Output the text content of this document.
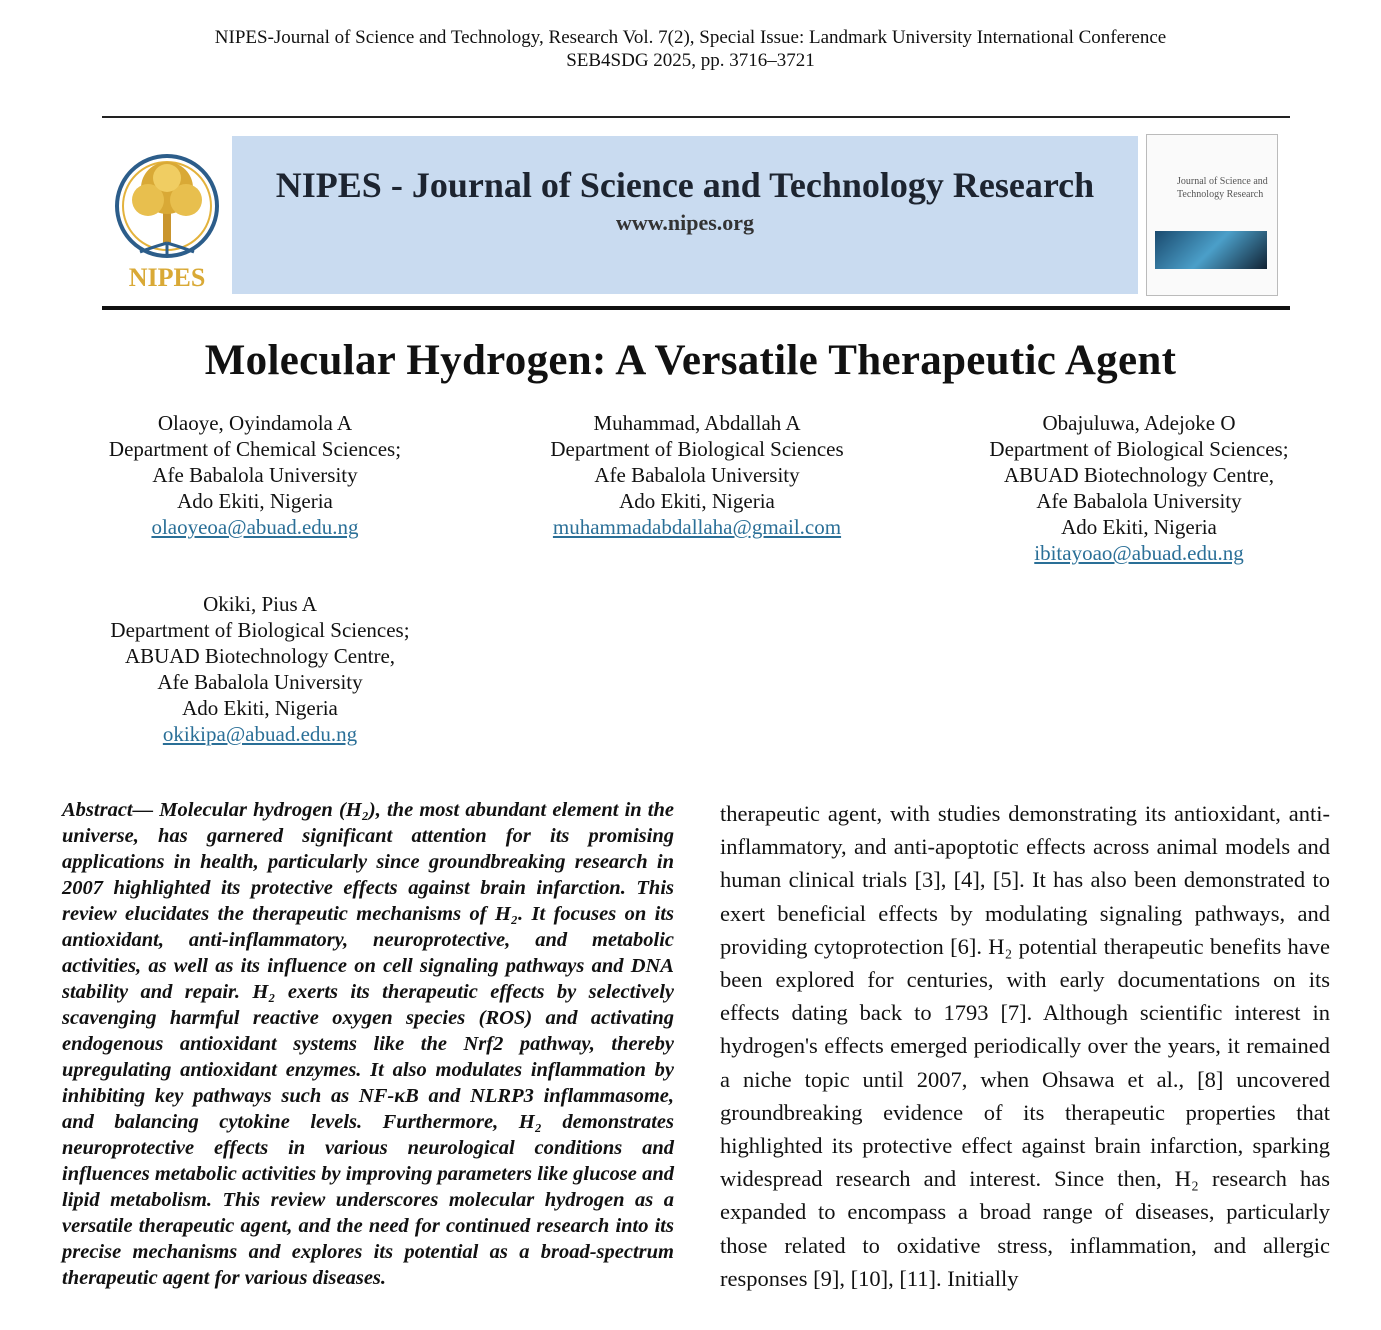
NIPES-Journal of Science and Technology, Research Vol. 7(2), Special Issue: Landmark University International Conference
SEB4SDG 2025, pp. 3716–3721
NIPES
NIPES - Journal of Science and Technology Research
www.nipes.org
Journal of Science and Technology Research
Molecular Hydrogen: A Versatile Therapeutic Agent
Olaoye, Oyindamola A
Department of Chemical Sciences;
Afe Babalola University
Ado Ekiti, Nigeria
olaoyeoa@abuad.edu.ng
Muhammad, Abdallah A
Department of Biological Sciences
Afe Babalola University
Ado Ekiti, Nigeria
muhammadabdallaha@gmail.com
Obajuluwa, Adejoke O
Department of Biological Sciences;
ABUAD Biotechnology Centre,
Afe Babalola University
Ado Ekiti, Nigeria
ibitayoao@abuad.edu.ng
Okiki, Pius A
Department of Biological Sciences;
ABUAD Biotechnology Centre,
Afe Babalola University
Ado Ekiti, Nigeria
okikipa@abuad.edu.ng

Abstract— Molecular hydrogen (H₂), the most abundant element in the universe, has garnered significant attention for its promising applications in health, particularly since groundbreaking research in 2007 highlighted its protective effects against brain infarction. This review elucidates the therapeutic mechanisms of H₂. It focuses on its antioxidant, anti-inflammatory, neuroprotective, and metabolic activities, as well as its influence on cell signaling pathways and DNA stability and repair. H₂ exerts its therapeutic effects by selectively scavenging harmful reactive oxygen species (ROS) and activating endogenous antioxidant systems like the Nrf2 pathway, thereby upregulating antioxidant enzymes. It also modulates inflammation by inhibiting key pathways such as NF-κB and NLRP3 inflammasome, and balancing cytokine levels. Furthermore, H₂ demonstrates neuroprotective effects in various neurological conditions and influences metabolic activities by improving parameters like glucose and lipid metabolism. This review underscores molecular hydrogen as a versatile therapeutic agent, and the need for continued research into its precise mechanisms and explores its potential as a broad-spectrum therapeutic agent for various diseases.

therapeutic agent, with studies demonstrating its antioxidant, anti-inflammatory, and anti-apoptotic effects across animal models and human clinical trials [3], [4], [5]. It has also been demonstrated to exert beneficial effects by modulating signaling pathways, and providing cytoprotection [6]. H₂ potential therapeutic benefits have been explored for centuries, with early documentations on its effects dating back to 1793 [7]. Although scientific interest in hydrogen's effects emerged periodically over the years, it remained a niche topic until 2007, when Ohsawa et al., [8] uncovered groundbreaking evidence of its therapeutic properties that highlighted its protective effect against brain infarction, sparking widespread research and interest. Since then, H₂ research has expanded to encompass a broad range of diseases, particularly those related to oxidative stress, inflammation, and allergic responses [9], [10], [11]. Initially
